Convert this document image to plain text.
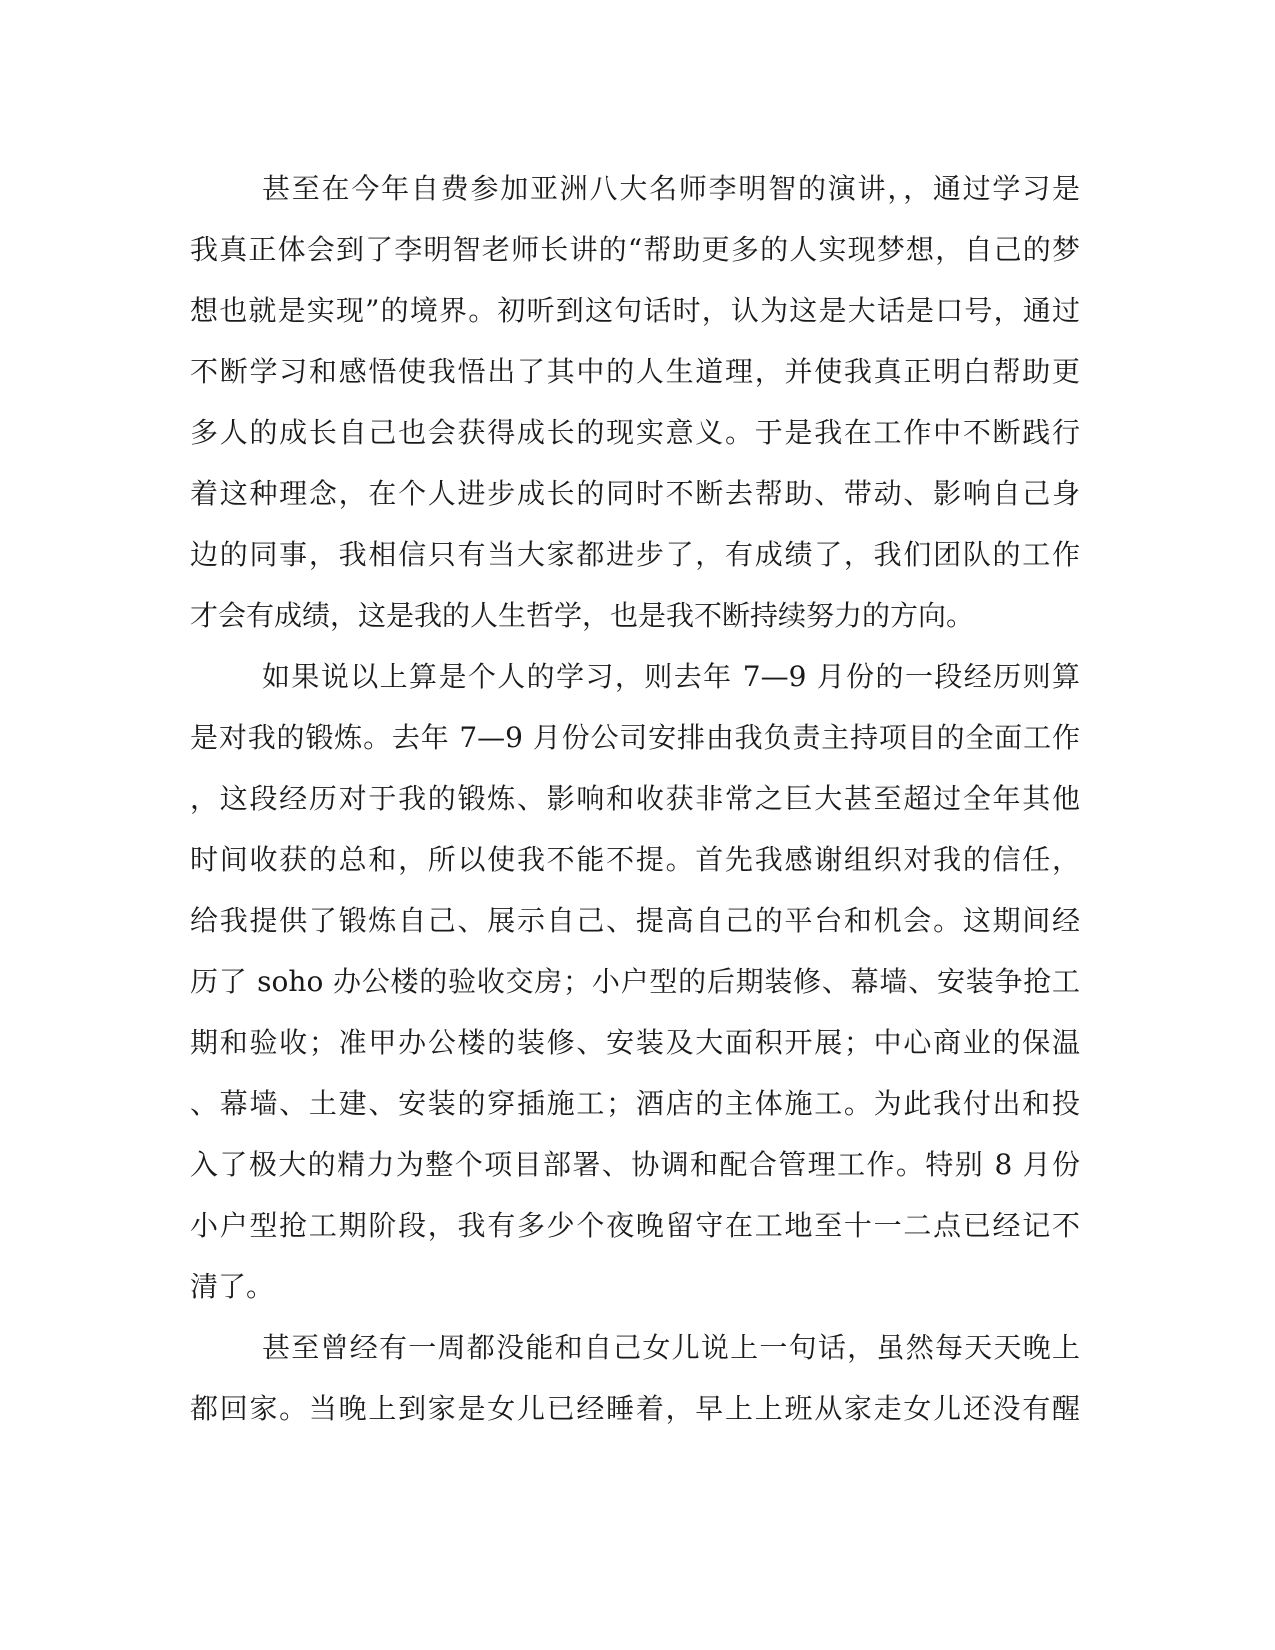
甚至在今年自费参加亚洲八大名师李明智的演讲，，通过学习是
我真正体会到了李明智老师长讲的“帮助更多的人实现梦想，自己的梦
想也就是实现”的境界。初听到这句话时，认为这是大话是口号，通过
不断学习和感悟使我悟出了其中的人生道理，并使我真正明白帮助更
多人的成长自己也会获得成长的现实意义。于是我在工作中不断践行
着这种理念，在个人进步成长的同时不断去帮助、带动、影响自己身
边的同事，我相信只有当大家都进步了，有成绩了，我们团队的工作
才会有成绩，这是我的人生哲学，也是我不断持续努力的方向。
如果说以上算是个人的学习，则去年 7—9 月份的一段经历则算
是对我的锻炼。去年 7—9 月份公司安排由我负责主持项目的全面工作
，这段经历对于我的锻炼、影响和收获非常之巨大甚至超过全年其他
时间收获的总和，所以使我不能不提。首先我感谢组织对我的信任，
给我提供了锻炼自己、展示自己、提高自己的平台和机会。这期间经
历了 soho 办公楼的验收交房；小户型的后期装修、幕墙、安装争抢工
期和验收；准甲办公楼的装修、安装及大面积开展；中心商业的保温
、幕墙、土建、安装的穿插施工；酒店的主体施工。为此我付出和投
入了极大的精力为整个项目部署、协调和配合管理工作。特别 8 月份
小户型抢工期阶段，我有多少个夜晚留守在工地至十一二点已经记不
清了。
甚至曾经有一周都没能和自己女儿说上一句话，虽然每天天晚上
都回家。当晚上到家是女儿已经睡着，早上上班从家走女儿还没有醒
